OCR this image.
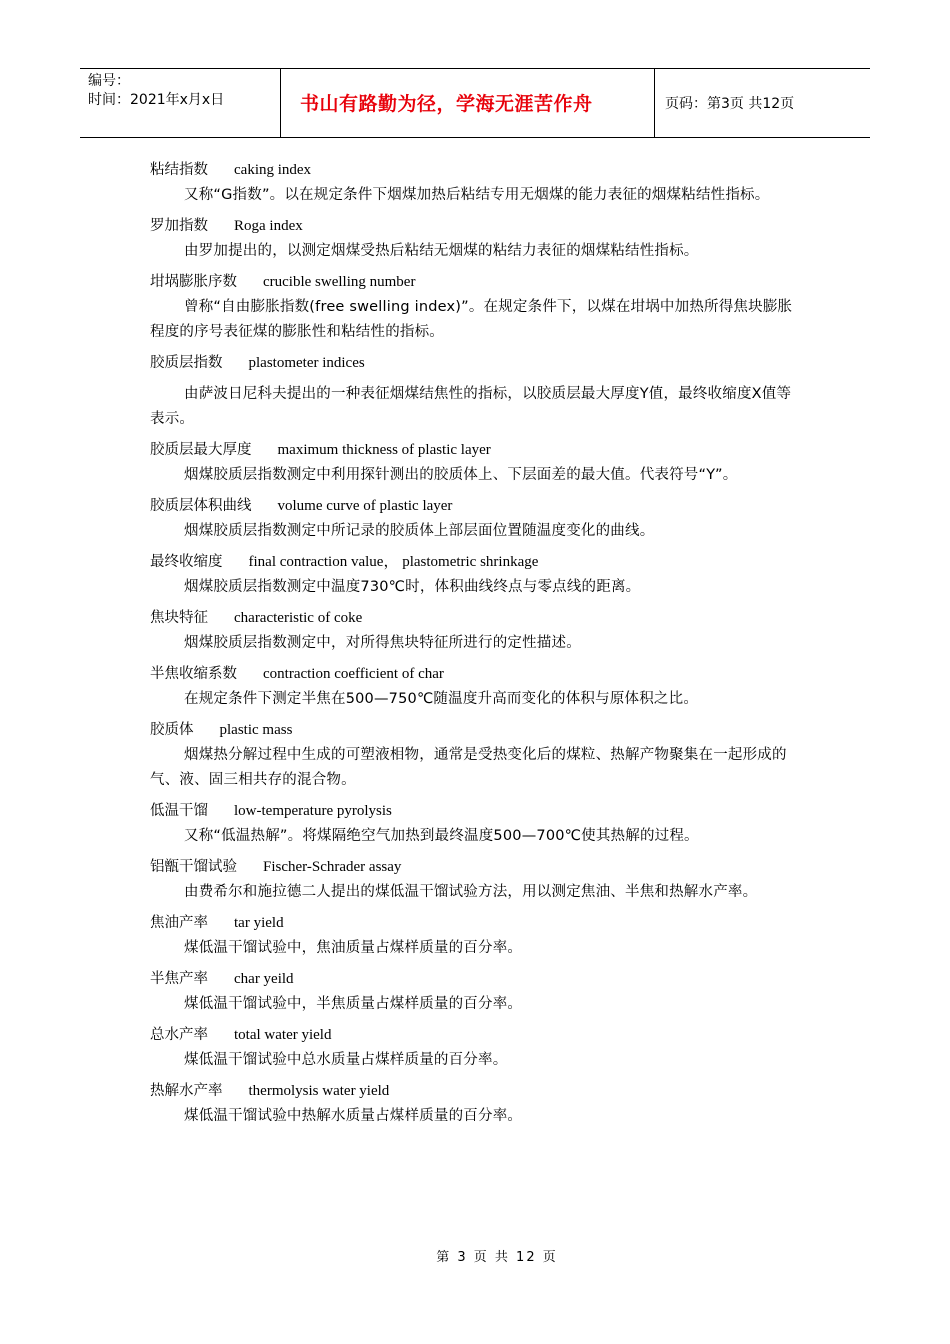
编号：
时间：2021年x月x日	书山有路勤为径，学海无涯苦作舟	页码：第3页 共12页
粘结指数 caking index
又称“G指数”。以在规定条件下烟煤加热后粘结专用无烟煤的能力表征的烟煤粘结性指标。
罗加指数 Roga index
由罗加提出的，以测定烟煤受热后粘结无烟煤的粘结力表征的烟煤粘结性指标。
坩埚膨胀序数 crucible swelling number
曾称“自由膨胀指数(free swelling index)”。在规定条件下，以煤在坩埚中加热所得焦块膨胀程度的序号表征煤的膨胀性和粘结性的指标。
胶质层指数 plastometer indices
由萨波日尼科夫提出的一种表征烟煤结焦性的指标，以胶质层最大厚度Y值，最终收缩度X值等表示。
胶质层最大厚度 maximum thickness of plastic layer
烟煤胶质层指数测定中利用探针测出的胶质体上、下层面差的最大值。代表符号“Y”。
胶质层体积曲线 volume curve of plastic layer
烟煤胶质层指数测定中所记录的胶质体上部层面位置随温度变化的曲线。
最终收缩度 final contraction value， plastometric shrinkage
烟煤胶质层指数测定中温度730℃时，体积曲线终点与零点线的距离。
焦块特征 characteristic of coke
烟煤胶质层指数测定中，对所得焦块特征所进行的定性描述。
半焦收缩系数 contraction coefficient of char
在规定条件下测定半焦在500—750℃随温度升高而变化的体积与原体积之比。
胶质体 plastic mass
烟煤热分解过程中生成的可塑液相物，通常是受热变化后的煤粒、热解产物聚集在一起形成的气、液、固三相共存的混合物。
低温干馏 low-temperature pyrolysis
又称“低温热解”。将煤隔绝空气加热到最终温度500—700℃使其热解的过程。
铝甑干馏试验 Fischer-Schrader assay
由费希尔和施拉德二人提出的煤低温干馏试验方法，用以测定焦油、半焦和热解水产率。
焦油产率 tar yield
煤低温干馏试验中，焦油质量占煤样质量的百分率。
半焦产率 char yeild
煤低温干馏试验中，半焦质量占煤样质量的百分率。
总水产率 total water yield
煤低温干馏试验中总水质量占煤样质量的百分率。
热解水产率 thermolysis water yield
煤低温干馏试验中热解水质量占煤样质量的百分率。
第 3 页 共 12 页
